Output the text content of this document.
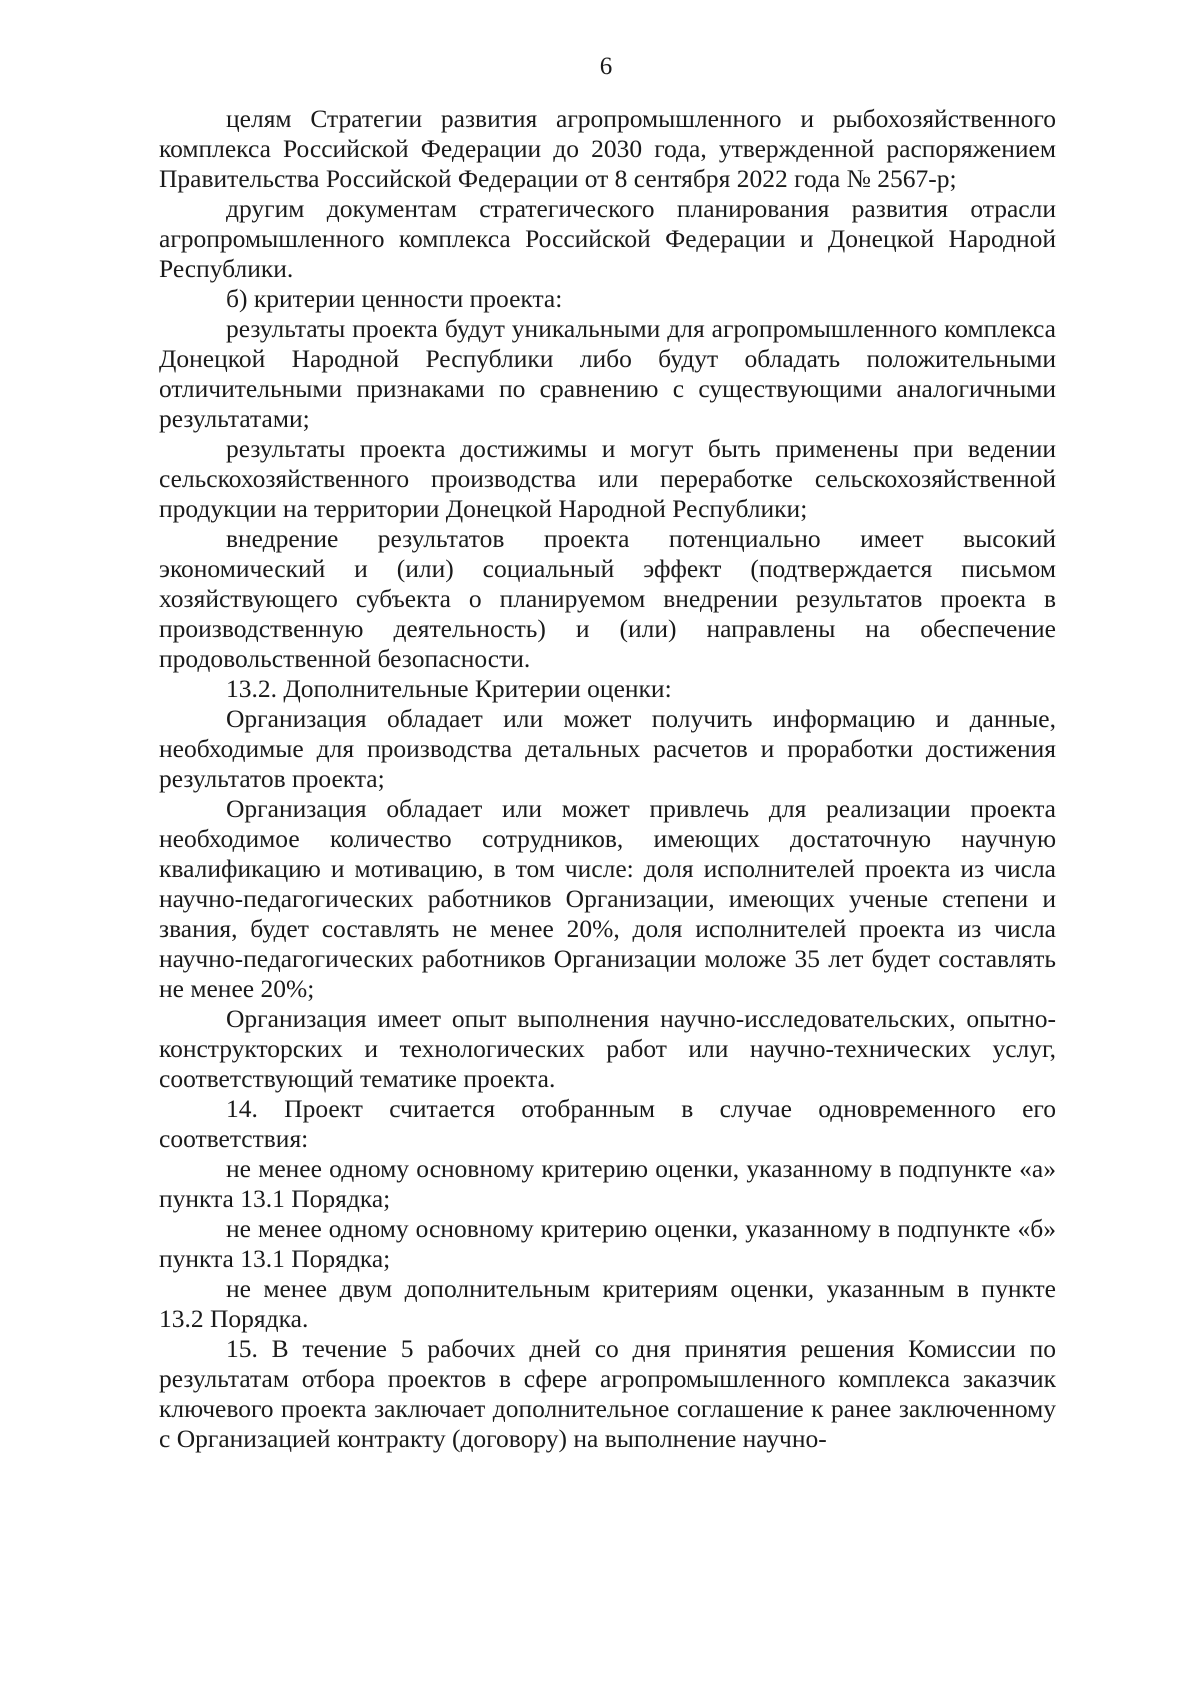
6

целям Стратегии развития агропромышленного и рыбохозяйственного комплекса Российской Федерации до 2030 года, утвержденной распоряжением Правительства Российской Федерации от 8 сентября 2022 года № 2567-р;

другим документам стратегического планирования развития отрасли агропромышленного комплекса Российской Федерации и Донецкой Народной Республики.

б) критерии ценности проекта:

результаты проекта будут уникальными для агропромышленного комплекса Донецкой Народной Республики либо будут обладать положительными отличительными признаками по сравнению с существующими аналогичными результатами;

результаты проекта достижимы и могут быть применены при ведении сельскохозяйственного производства или переработке сельскохозяйственной продукции на территории Донецкой Народной Республики;

внедрение результатов проекта потенциально имеет высокий экономический и (или) социальный эффект (подтверждается письмом хозяйствующего субъекта о планируемом внедрении результатов проекта в производственную деятельность) и (или) направлены на обеспечение продовольственной безопасности.

13.2. Дополнительные Критерии оценки:

Организация обладает или может получить информацию и данные, необходимые для производства детальных расчетов и проработки достижения результатов проекта;

Организация обладает или может привлечь для реализации проекта необходимое количество сотрудников, имеющих достаточную научную квалификацию и мотивацию, в том числе: доля исполнителей проекта из числа научно-педагогических работников Организации, имеющих ученые степени и звания, будет составлять не менее 20%, доля исполнителей проекта из числа научно-педагогических работников Организации моложе 35 лет будет составлять не менее 20%;

Организация имеет опыт выполнения научно-исследовательских, опытно-конструкторских и технологических работ или научно-технических услуг, соответствующий тематике проекта.

14. Проект считается отобранным в случае одновременного его соответствия:

не менее одному основному критерию оценки, указанному в подпункте «а» пункта 13.1 Порядка;

не менее одному основному критерию оценки, указанному в подпункте «б» пункта 13.1 Порядка;

не менее двум дополнительным критериям оценки, указанным в пункте 13.2 Порядка.

15. В течение 5 рабочих дней со дня принятия решения Комиссии по результатам отбора проектов в сфере агропромышленного комплекса заказчик ключевого проекта заключает дополнительное соглашение к ранее заключенному с Организацией контракту (договору) на выполнение научно-
